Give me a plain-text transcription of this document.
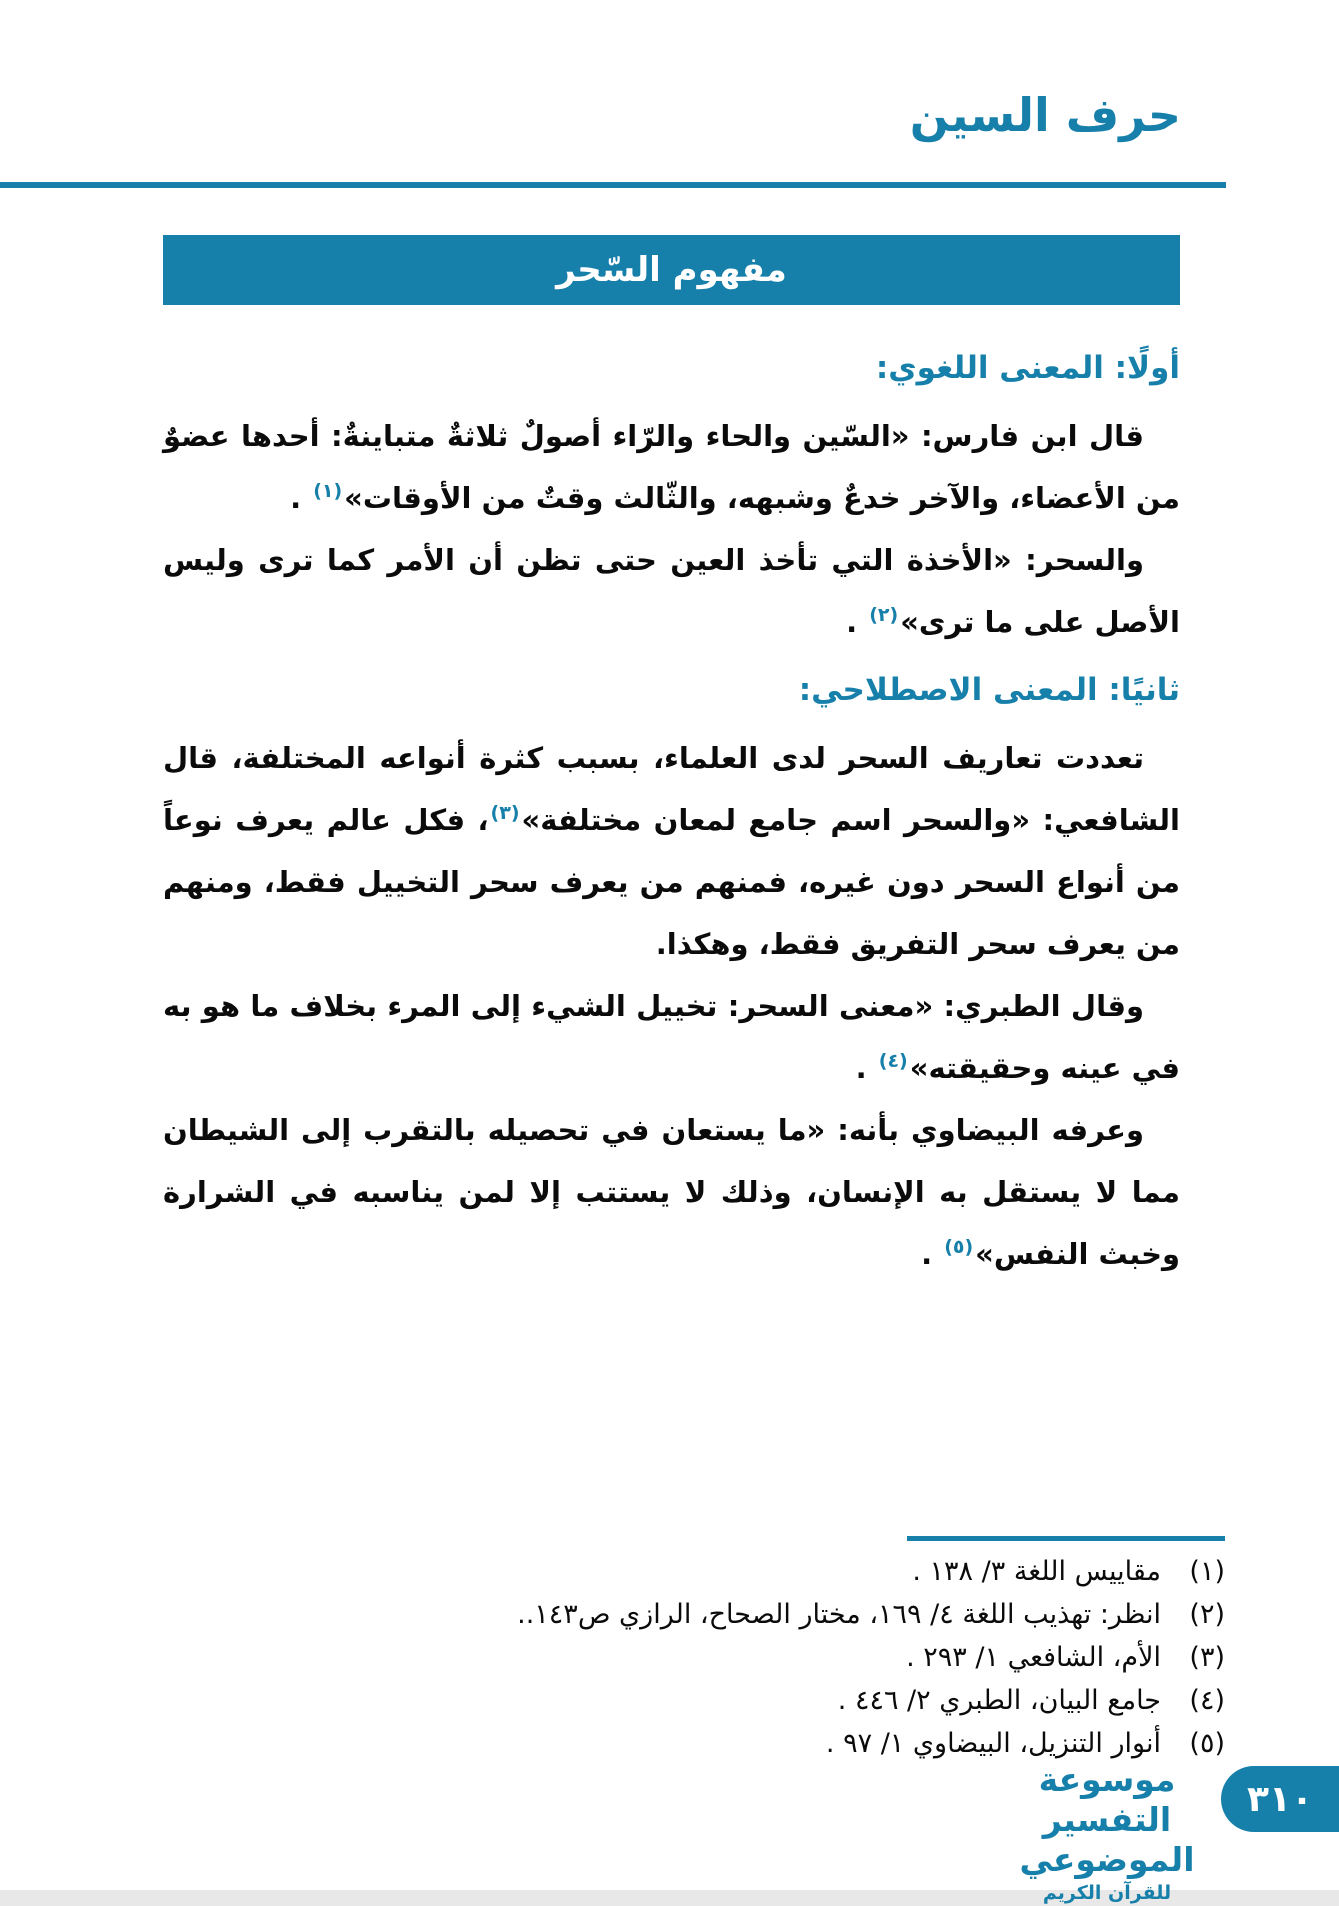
حرف السين
مفهوم السّحر
أولًا: المعنى اللغوي:

قال ابن فارس: «السّين والحاء والرّاء أصولٌ ثلاثةٌ متباينةٌ: أحدها عضوٌ من الأعضاء، والآخر خدعٌ وشبهه، والثّالث وقتٌ من الأوقات»$^{(١)}$ .

والسحر: «الأخذة التي تأخذ العين حتى تظن أن الأمر كما ترى وليس الأصل على ما ترى»$^{(٢)}$ .

ثانيًا: المعنى الاصطلاحي:

تعددت تعاريف السحر لدى العلماء، بسبب كثرة أنواعه المختلفة، قال الشافعي: «والسحر اسم جامع لمعان مختلفة»$^{(٣)}$، فكل عالم يعرف نوعاً من أنواع السحر دون غيره، فمنهم من يعرف سحر التخييل فقط، ومنهم من يعرف سحر التفريق فقط، وهكذا.

وقال الطبري: «معنى السحر: تخييل الشيء إلى المرء بخلاف ما هو به في عينه وحقيقته»$^{(٤)}$ .

وعرفه البيضاوي بأنه: «ما يستعان في تحصيله بالتقرب إلى الشيطان مما لا يستقل به الإنسان، وذلك لا يستتب إلا لمن يناسبه في الشرارة وخبث النفس»$^{(٥)}$ .

(١)
مقاييس اللغة ٣/ ١٣٨ .
(٢)
انظر: تهذيب اللغة ٤/ ١٦٩، مختار الصحاح، الرازي ص١٤٣..
(٣)
الأم، الشافعي ١/ ٢٩٣ .
(٤)
جامع البيان، الطبري ٢/ ٤٤٦ .
(٥)
أنوار التنزيل، البيضاوي ١/ ٩٧ .
موسوعة التفسير الموضوعي
للقرآن الكريم
٣١٠
